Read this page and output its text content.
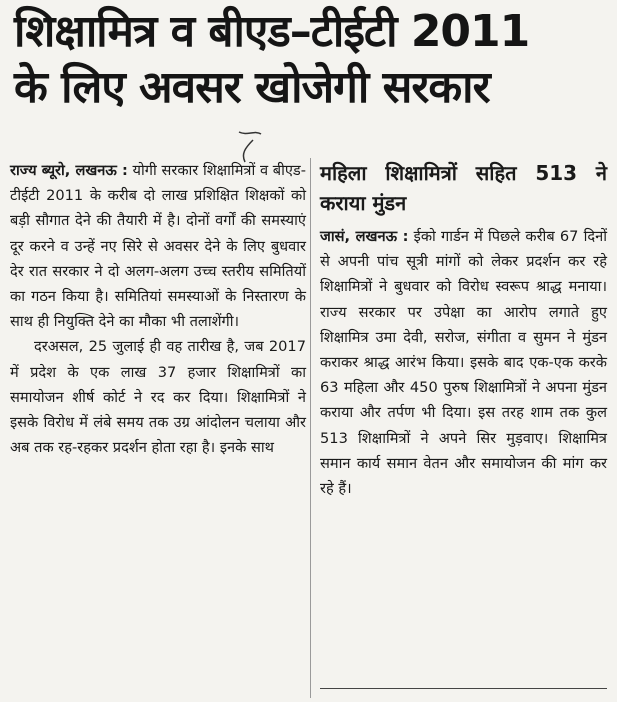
शिक्षामित्र व बीएड–टीईटी 2011
के लिए अवसर खोजेगी सरकार

राज्य ब्यूरो, लखनऊ : योगी सरकार शिक्षामित्रों व बीएड-टीईटी 2011 के करीब दो लाख प्रशिक्षित शिक्षकों को बड़ी सौगात देने की तैयारी में है। दोनों वर्गों की समस्याएं दूर करने व उन्हें नए सिरे से अवसर देने के लिए बुधवार देर रात सरकार ने दो अलग-अलग उच्च स्तरीय समितियों का गठन किया है। समितियां समस्याओं के निस्तारण के साथ ही नियुक्ति देने का मौका भी तलाशेंगी।

दरअसल, 25 जुलाई ही वह तारीख है, जब 2017 में प्रदेश के एक लाख 37 हजार शिक्षामित्रों का समायोजन शीर्ष कोर्ट ने रद कर दिया। शिक्षामित्रों ने इसके विरोध में लंबे समय तक उग्र आंदोलन चलाया और अब तक रह-रहकर प्रदर्शन होता रहा है। इनके साथ

महिला शिक्षामित्रों सहित 513 ने कराया मुंडन

जासं, लखनऊ : ईको गार्डन में पिछले करीब 67 दिनों से अपनी पांच सूत्री मांगों को लेकर प्रदर्शन कर रहे शिक्षामित्रों ने बुधवार को विरोध स्वरूप श्राद्ध मनाया। राज्य सरकार पर उपेक्षा का आरोप लगाते हुए शिक्षामित्र उमा देवी, सरोज, संगीता व सुमन ने मुंडन कराकर श्राद्ध आरंभ किया। इसके बाद एक-एक करके 63 महिला और 450 पुरुष शिक्षामित्रों ने अपना मुंडन कराया और तर्पण भी दिया। इस तरह शाम तक कुल 513 शिक्षामित्रों ने अपने सिर मुड़वाए। शिक्षामित्र समान कार्य समान वेतन और समायोजन की मांग कर रहे हैं।
